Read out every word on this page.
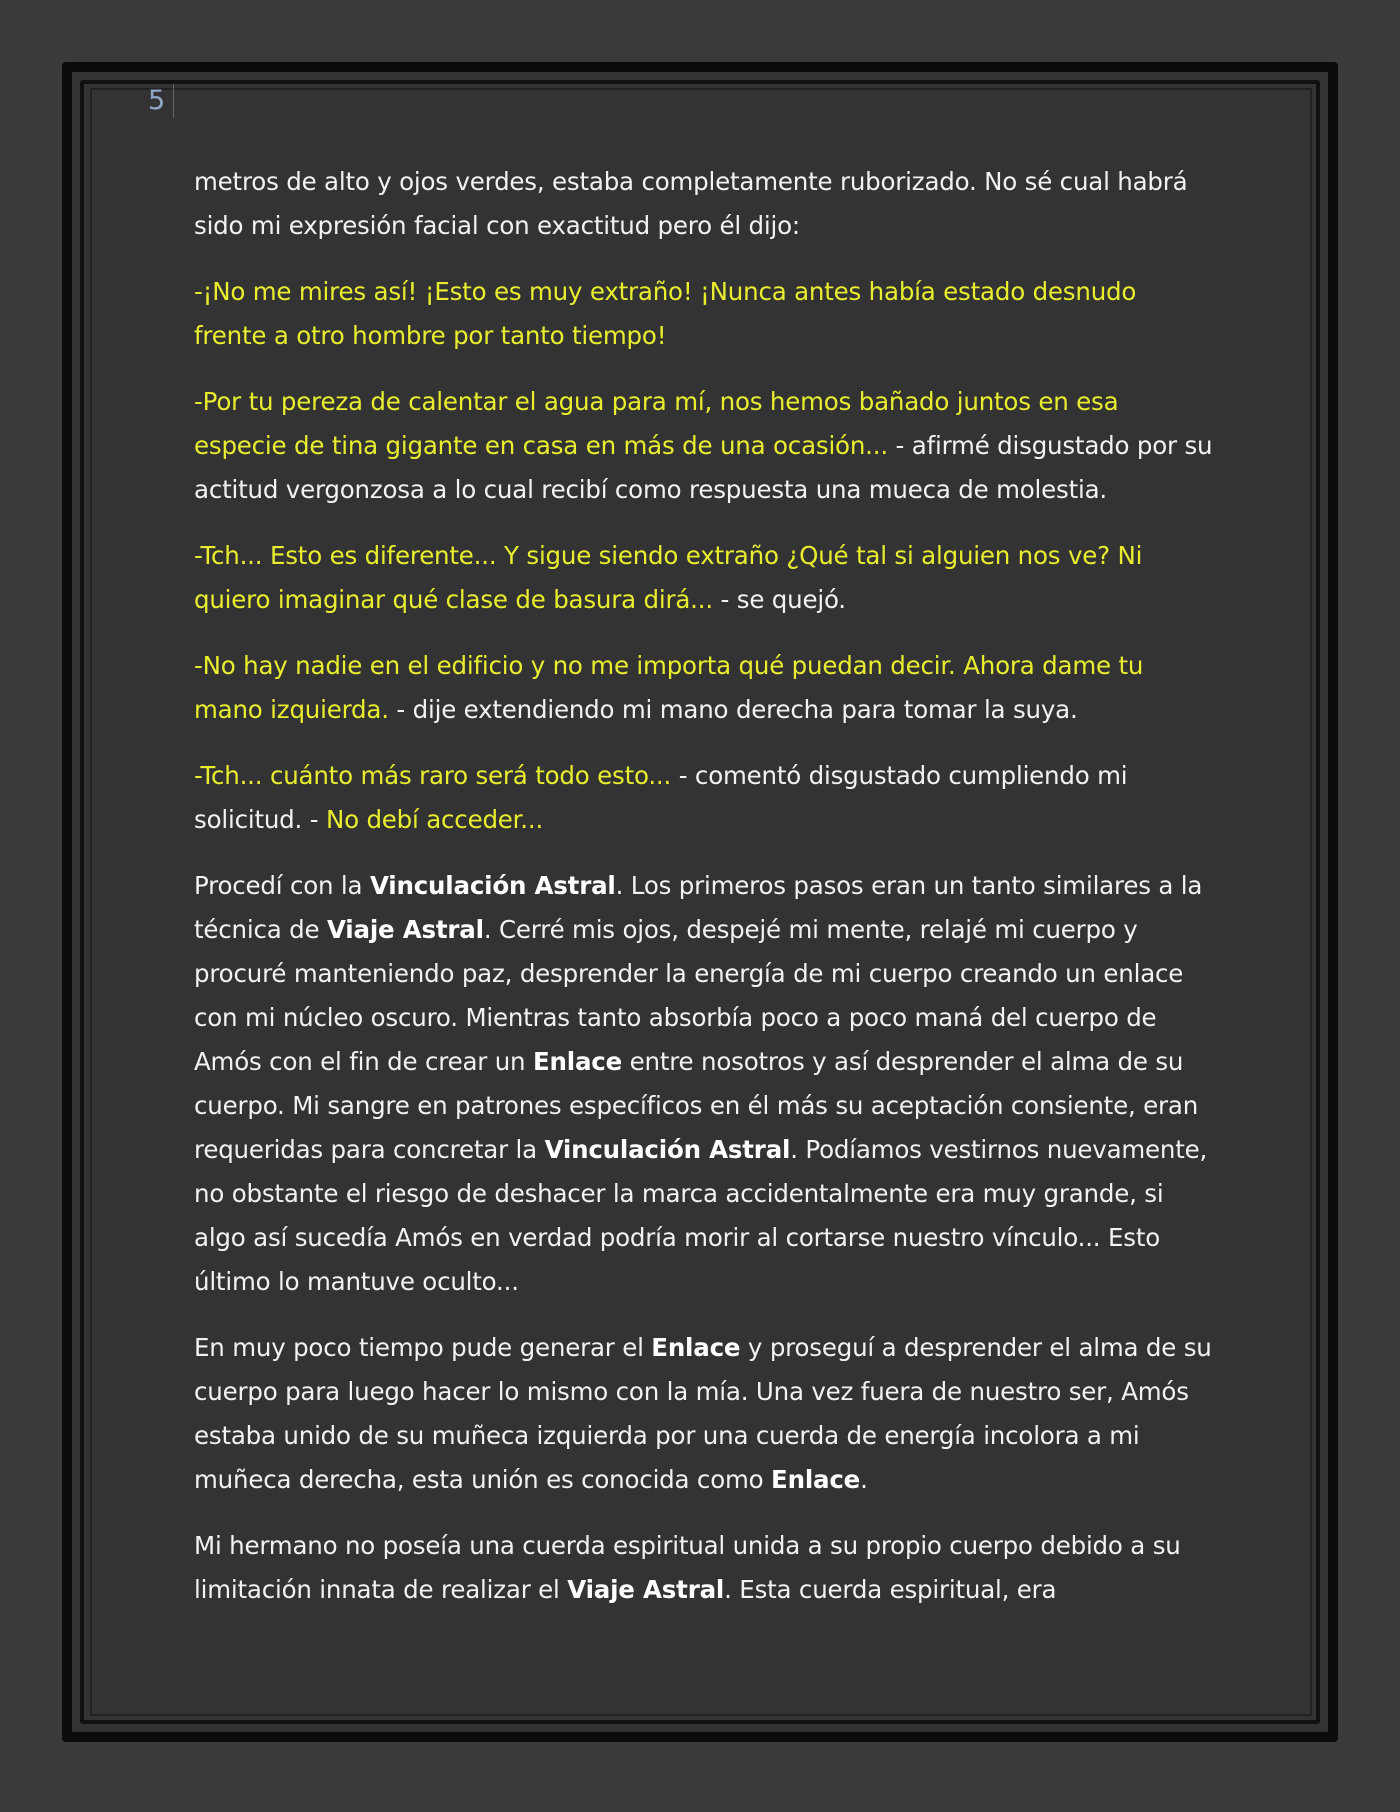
5

metros de alto y ojos verdes, estaba completamente ruborizado. No sé cual habrá sido mi expresión facial con exactitud pero él dijo:

-¡No me mires así! ¡Esto es muy extraño! ¡Nunca antes había estado desnudo frente a otro hombre por tanto tiempo!

-Por tu pereza de calentar el agua para mí, nos hemos bañado juntos en esa especie de tina gigante en casa en más de una ocasión... - afirmé disgustado por su actitud vergonzosa a lo cual recibí como respuesta una mueca de molestia.

-Tch... Esto es diferente... Y sigue siendo extraño ¿Qué tal si alguien nos ve? Ni quiero imaginar qué clase de basura dirá... - se quejó.

-No hay nadie en el edificio y no me importa qué puedan decir. Ahora dame tu mano izquierda. - dije extendiendo mi mano derecha para tomar la suya.

-Tch... cuánto más raro será todo esto... - comentó disgustado cumpliendo mi solicitud. - No debí acceder...

Procedí con la Vinculación Astral. Los primeros pasos eran un tanto similares a la técnica de Viaje Astral. Cerré mis ojos, despejé mi mente, relajé mi cuerpo y procuré manteniendo paz, desprender la energía de mi cuerpo creando un enlace con mi núcleo oscuro. Mientras tanto absorbía poco a poco maná del cuerpo de Amós con el fin de crear un Enlace entre nosotros y así desprender el alma de su cuerpo. Mi sangre en patrones específicos en él más su aceptación consiente, eran requeridas para concretar la Vinculación Astral. Podíamos vestirnos nuevamente, no obstante el riesgo de deshacer la marca accidentalmente era muy grande, si algo así sucedía Amós en verdad podría morir al cortarse nuestro vínculo... Esto último lo mantuve oculto...

En muy poco tiempo pude generar el Enlace y proseguí a desprender el alma de su cuerpo para luego hacer lo mismo con la mía. Una vez fuera de nuestro ser, Amós estaba unido de su muñeca izquierda por una cuerda de energía incolora a mi muñeca derecha, esta unión es conocida como Enlace.

Mi hermano no poseía una cuerda espiritual unida a su propio cuerpo debido a su limitación innata de realizar el Viaje Astral. Esta cuerda espiritual, era
